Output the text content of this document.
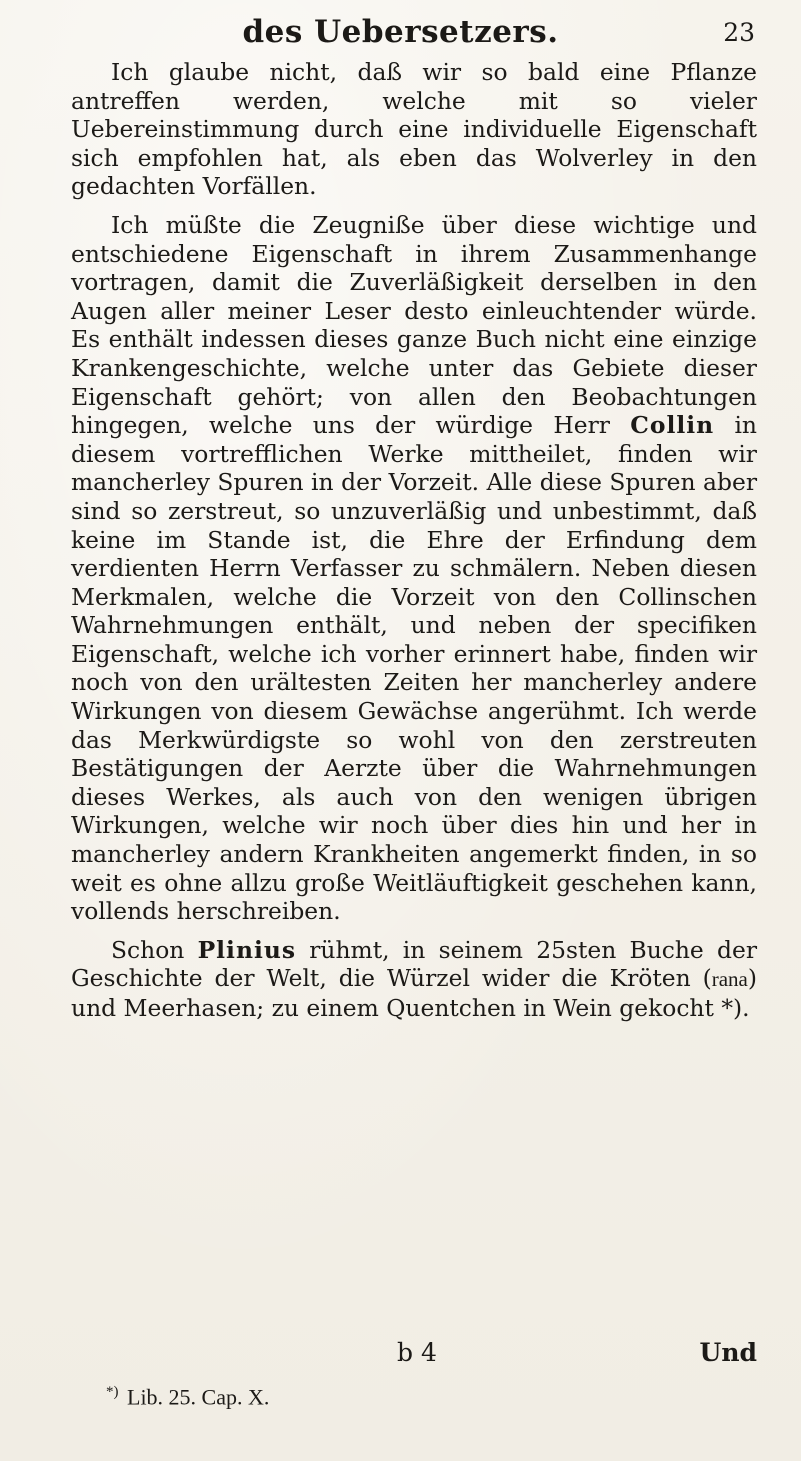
des Uebersetzers.	23

Ich glaube nicht, daß wir so bald eine Pflanze antreffen werden, welche mit so vieler Uebereinstimmung durch eine individuelle Eigenschaft sich empfohlen hat, als eben das Wolverley in den gedachten Vorfällen.

Ich müßte die Zeugniße über diese wichtige und entschiedene Eigenschaft in ihrem Zusammenhange vortragen, damit die Zuverläßigkeit derselben in den Augen aller meiner Leser desto einleuchtender würde. Es enthält indessen dieses ganze Buch nicht eine einzige Krankengeschichte, welche unter das Gebiete dieser Eigenschaft gehört; von allen den Beobachtungen hingegen, welche uns der würdige Herr Collin in diesem vortrefflichen Werke mittheilet, finden wir mancherley Spuren in der Vorzeit. Alle diese Spuren aber sind so zerstreut, so unzuverläßig und unbestimmt, daß keine im Stande ist, die Ehre der Erfindung dem verdienten Herrn Verfasser zu schmälern. Neben diesen Merkmalen, welche die Vorzeit von den Collinschen Wahrnehmungen enthält, und neben der specifiken Eigenschaft, welche ich vorher erinnert habe, finden wir noch von den urältesten Zeiten her mancherley andere Wirkungen von diesem Gewächse angerühmt. Ich werde das Merkwürdigste so wohl von den zerstreuten Bestätigungen der Aerzte über die Wahrnehmungen dieses Werkes, als auch von den wenigen übrigen Wirkungen, welche wir noch über dies hin und her in mancherley andern Krankheiten angemerkt finden, in so weit es ohne allzu große Weitläuftigkeit geschehen kann, vollends herschreiben.

Schon Plinius rühmt, in seinem 25sten Buche der Geschichte der Welt, die Würzel wider die Kröten (rana) und Meerhasen; zu einem Quentchen in Wein gekocht *).

b 4	Und
*) Lib. 25. Cap. X.
